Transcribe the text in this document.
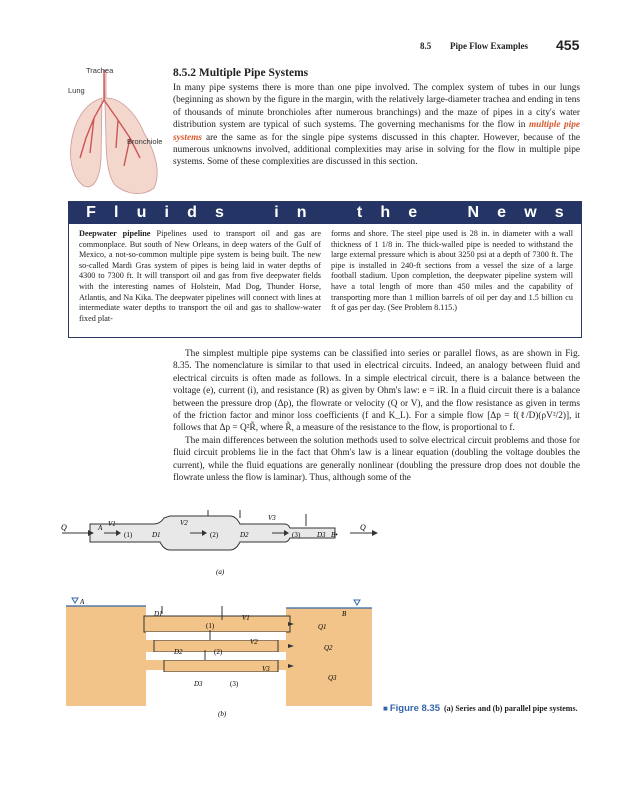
8.5 Pipe Flow Examples 455
Trachea
Lung
Bronchiole
8.5.2 Multiple Pipe Systems
In many pipe systems there is more than one pipe involved. The complex system of tubes in our lungs (beginning as shown by the figure in the margin, with the relatively large-diameter trachea and ending in tens of thousands of minute bronchioles after numerous branchings) and the maze of pipes in a city's water distribution system are typical of such systems. The governing mechanisms for the flow in multiple pipe systems are the same as for the single pipe systems discussed in this chapter. However, because of the numerous unknowns involved, additional complexities may arise in solving for the flow in multiple pipe systems. Some of these complexities are discussed in this section.
F l u i d s	i n	t h e	N e w s
Deepwater pipeline Pipelines used to transport oil and gas are commonplace. But south of New Orleans, in deep waters of the Gulf of Mexico, a not-so-common multiple pipe system is being built. The new so-called Mardi Gras system of pipes is being laid in water depths of 4300 to 7300 ft. It will transport oil and gas from five deepwater fields with the interesting names of Holstein, Mad Dog, Thunder Horse, Atlantis, and Na Kika. The deepwater pipelines will connect with lines at intermediate water depths to transport the oil and gas to shallow-water fixed plat-
forms and shore. The steel pipe used is 28 in. in diameter with a wall thickness of 1 1/8 in. The thick-walled pipe is needed to withstand the large external pressure which is about 3250 psi at a depth of 7300 ft. The pipe is installed in 240-ft sections from a vessel the size of a large football stadium. Upon completion, the deepwater pipeline system will have a total length of more than 450 miles and the capability of transporting more than 1 million barrels of oil per day and 1.5 billion cu ft of gas per day. (See Problem 8.115.)
The simplest multiple pipe systems can be classified into series or parallel flows, as are shown in Fig. 8.35. The nomenclature is similar to that used in electrical circuits. Indeed, an analogy between fluid and electrical circuits is often made as follows. In a simple electrical circuit, there is a balance between the voltage (e), current (i), and resistance (R) as given by Ohm's law: e = iR. In a fluid circuit there is a balance between the pressure drop (Δp), the flowrate or velocity (Q or V), and the flow resistance as given in terms of the friction factor and minor loss coefficients (f and K_L). For a simple flow [Δp = f(ℓ/D)(ρV²/2)], it follows that Δp = Q²R̃, where R̃, a measure of the resistance to the flow, is proportional to f.
The main differences between the solution methods used to solve electrical circuit problems and those for fluid circuit problems lie in the fact that Ohm's law is a linear equation (doubling the voltage doubles the current), while the fluid equations are generally nonlinear (doubling the pressure drop does not double the flowrate unless the flow is laminar). Thus, although some of the
Q	A V1	V2
V3
(1)	(2)	(3)
D1	D2	D3 B•
Q
(a)
A
B
D1
D2
D3
V1
V2
V3
(1)
(2)
(3)
Q1
Q2
Q3
(b)
■ Figure 8.35 (a) Series and (b) parallel pipe systems.
